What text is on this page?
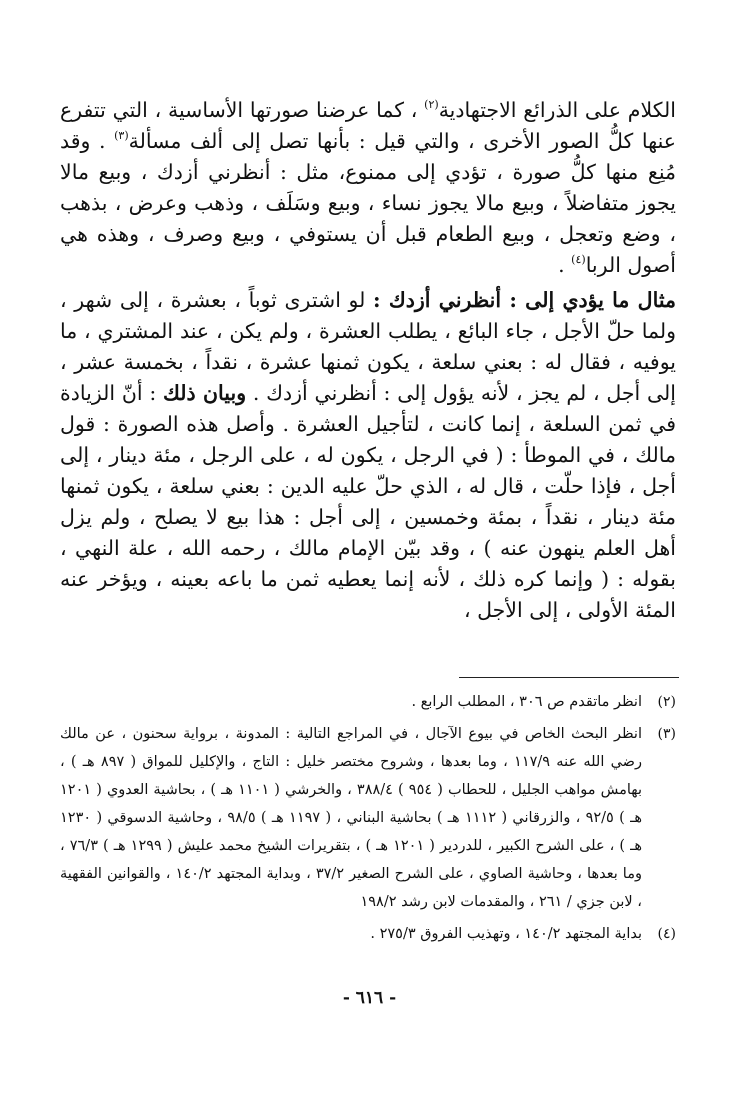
الكلام على الذرائع الاجتهادية$^{(٢)}$ ، كما عرضنا صورتها الأساسية ، التي تتفرع عنها كلُّ الصور الأخرى ، والتي قيل : بأنها تصل إلى ألف مسألة$^{(٣)}$ . وقد مُنِع منها كلُّ صورة ، تؤدي إلى ممنوع، مثل : أنظرني أزدك ، وبيع مالا يجوز متفاضلاً ، وبيع مالا يجوز نساء ، وبيع وسَلَف ، وذهب وعرض ، بذهب ، وضع وتعجل ، وبيع الطعام قبل أن يستوفي ، وبيع وصرف ، وهذه هي أصول الربا$^{(٤)}$ .

مثال ما يؤدي إلى : أنظرني أزدك : لو اشترى ثوباً ، بعشرة ، إلى شهر ، ولما حلّ الأجل ، جاء البائع ، يطلب العشرة ، ولم يكن ، عند المشتري ، ما يوفيه ، فقال له : بعني سلعة ، يكون ثمنها عشرة ، نقداً ، بخمسة عشر ، إلى أجل ، لم يجز ، لأنه يؤول إلى : أنظرني أزدك . وبيان ذلك : أنّ الزيادة في ثمن السلعة ، إنما كانت ، لتأجيل العشرة . وأصل هذه الصورة : قول مالك ، في الموطأ : ( في الرجل ، يكون له ، على الرجل ، مئة دينار ، إلى أجل ، فإذا حلّت ، قال له ، الذي حلّ عليه الدين : بعني سلعة ، يكون ثمنها مئة دينار ، نقداً ، بمئة وخمسين ، إلى أجل : هذا بيع لا يصلح ، ولم يزل أهل العلم ينهون عنه ) ، وقد بيّن الإمام مالك ، رحمه الله ، علة النهي ، بقوله : ( وإنما كره ذلك ، لأنه إنما يعطيه ثمن ما باعه بعينه ، ويؤخر عنه المئة الأولى ، إلى الأجل ،

(٢)
انظر ماتقدم ص ٣٠٦ ، المطلب الرابع .
(٣)
انظر البحث الخاص في بيوع الآجال ، في المراجع التالية : المدونة ، برواية سحنون ، عن مالك رضي الله عنه ١١٧/٩ ، وما بعدها ، وشروح مختصر خليل : التاج ، والإكليل للمواق ( ٨٩٧ هـ ) ، بهامش مواهب الجليل ، للحطاب ( ٩٥٤ ) ٣٨٨/٤ ، والخرشي ( ١١٠١ هـ ) ، بحاشية العدوي ( ١٢٠١ هـ ) ٩٢/٥ ، والزرقاني ( ١١١٢ هـ ) بحاشية البناني ، ( ١١٩٧ هـ ) ٩٨/٥ ، وحاشية الدسوقي ( ١٢٣٠ هـ ) ، على الشرح الكبير ، للدردير ( ١٢٠١ هـ ) ، بتقريرات الشيخ محمد عليش ( ١٢٩٩ هـ ) ٧٦/٣ ، وما بعدها ، وحاشية الصاوي ، على الشرح الصغير ٣٧/٢ ، وبداية المجتهد ١٤٠/٢ ، والقوانين الفقهية ، لابن جزي / ٢٦١ ، والمقدمات لابن رشد ١٩٨/٢
(٤)
بداية المجتهد ١٤٠/٢ ، وتهذيب الفروق ٢٧٥/٣ .
- ٦١٦ -
